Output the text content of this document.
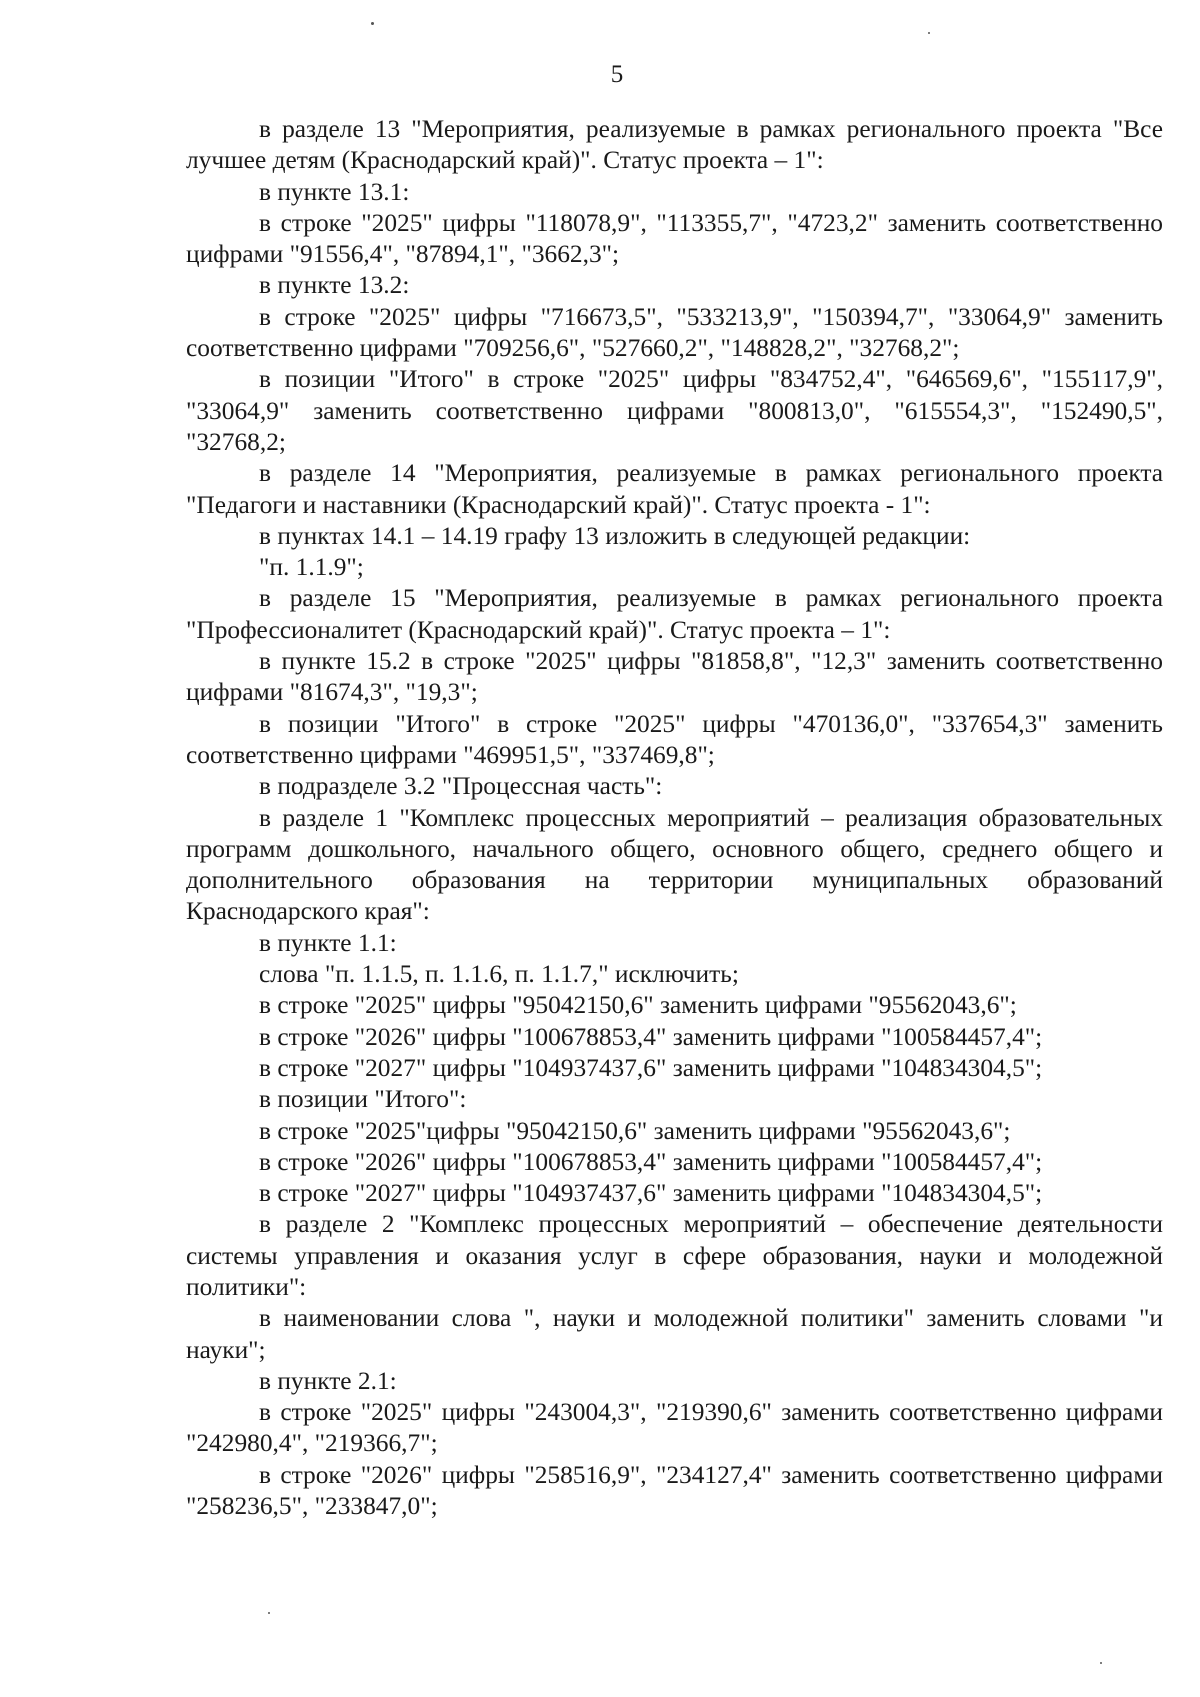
5

в разделе 13 "Мероприятия, реализуемые в рамках регионального проекта "Все лучшее детям (Краснодарский край)". Статус проекта – 1":

в пункте 13.1:

в строке "2025" цифры "118078,9", "113355,7", "4723,2" заменить соответственно цифрами "91556,4", "87894,1", "3662,3";

в пункте 13.2:

в строке "2025" цифры "716673,5", "533213,9", "150394,7", "33064,9" заменить соответственно цифрами "709256,6", "527660,2", "148828,2", "32768,2";

в позиции "Итого" в строке "2025" цифры "834752,4", "646569,6", "155117,9", "33064,9" заменить соответственно цифрами "800813,0", "615554,3", "152490,5", "32768,2;

в разделе 14 "Мероприятия, реализуемые в рамках регионального проекта "Педагоги и наставники (Краснодарский край)". Статус проекта - 1":

в пунктах 14.1 – 14.19 графу 13 изложить в следующей редакции:

"п. 1.1.9";

в разделе 15 "Мероприятия, реализуемые в рамках регионального проекта "Профессионалитет (Краснодарский край)". Статус проекта – 1":

в пункте 15.2 в строке "2025" цифры "81858,8", "12,3" заменить соответственно цифрами "81674,3", "19,3";

в позиции "Итого" в строке "2025" цифры "470136,0", "337654,3" заменить соответственно цифрами "469951,5", "337469,8";

в подразделе 3.2 "Процессная часть":

в разделе 1 "Комплекс процессных мероприятий – реализация образовательных программ дошкольного, начального общего, основного общего, среднего общего и дополнительного образования на территории муниципальных образований Краснодарского края":

в пункте 1.1:

слова "п. 1.1.5, п. 1.1.6, п. 1.1.7," исключить;

в строке "2025" цифры "95042150,6" заменить цифрами "95562043,6";

в строке "2026" цифры "100678853,4" заменить цифрами "100584457,4";

в строке "2027" цифры "104937437,6" заменить цифрами "104834304,5";

в позиции "Итого":

в строке "2025"цифры "95042150,6" заменить цифрами "95562043,6";

в строке "2026" цифры "100678853,4" заменить цифрами "100584457,4";

в строке "2027" цифры "104937437,6" заменить цифрами "104834304,5";

в разделе 2 "Комплекс процессных мероприятий – обеспечение деятельности системы управления и оказания услуг в сфере образования, науки и молодежной политики":

в наименовании слова ", науки и молодежной политики" заменить словами "и науки";

в пункте 2.1:

в строке "2025" цифры "243004,3", "219390,6" заменить соответственно цифрами "242980,4", "219366,7";

в строке "2026" цифры "258516,9", "234127,4" заменить соответственно цифрами "258236,5", "233847,0";
